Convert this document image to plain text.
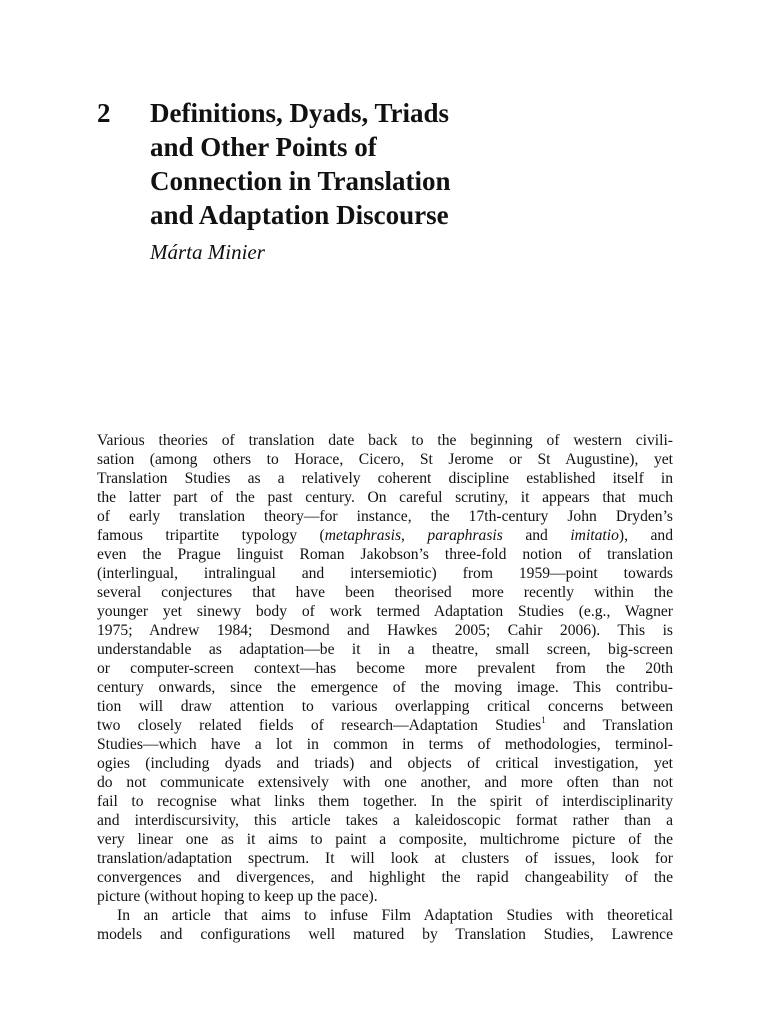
2 Definitions, Dyads, Triads
and Other Points of
Connection in Translation
and Adaptation Discourse
Márta Minier
Various theories of translation date back to the beginning of western civili-
sation (among others to Horace, Cicero, St Jerome or St Augustine), yet
Translation Studies as a relatively coherent discipline established itself in
the latter part of the past century. On careful scrutiny, it appears that much
of early translation theory—for instance, the 17th-century John Dryden’s
famous tripartite typology (metaphrasis, paraphrasis and imitatio), and
even the Prague linguist Roman Jakobson’s three-fold notion of translation
(interlingual, intralingual and intersemiotic) from 1959—point towards
several conjectures that have been theorised more recently within the
younger yet sinewy body of work termed Adaptation Studies (e.g., Wagner
1975; Andrew 1984; Desmond and Hawkes 2005; Cahir 2006). This is
understandable as adaptation—be it in a theatre, small screen, big-screen
or computer-screen context—has become more prevalent from the 20th
century onwards, since the emergence of the moving image. This contribu-
tion will draw attention to various overlapping critical concerns between
two closely related fields of research—Adaptation Studies$^1$ and Translation
Studies—which have a lot in common in terms of methodologies, terminol-
ogies (including dyads and triads) and objects of critical investigation, yet
do not communicate extensively with one another, and more often than not
fail to recognise what links them together. In the spirit of interdisciplinarity
and interdiscursivity, this article takes a kaleidoscopic format rather than a
very linear one as it aims to paint a composite, multichrome picture of the
translation/adaptation spectrum. It will look at clusters of issues, look for
convergences and divergences, and highlight the rapid changeability of the
picture (without hoping to keep up the pace).
In an article that aims to infuse Film Adaptation Studies with theoretical
models and configurations well matured by Translation Studies, Lawrence
